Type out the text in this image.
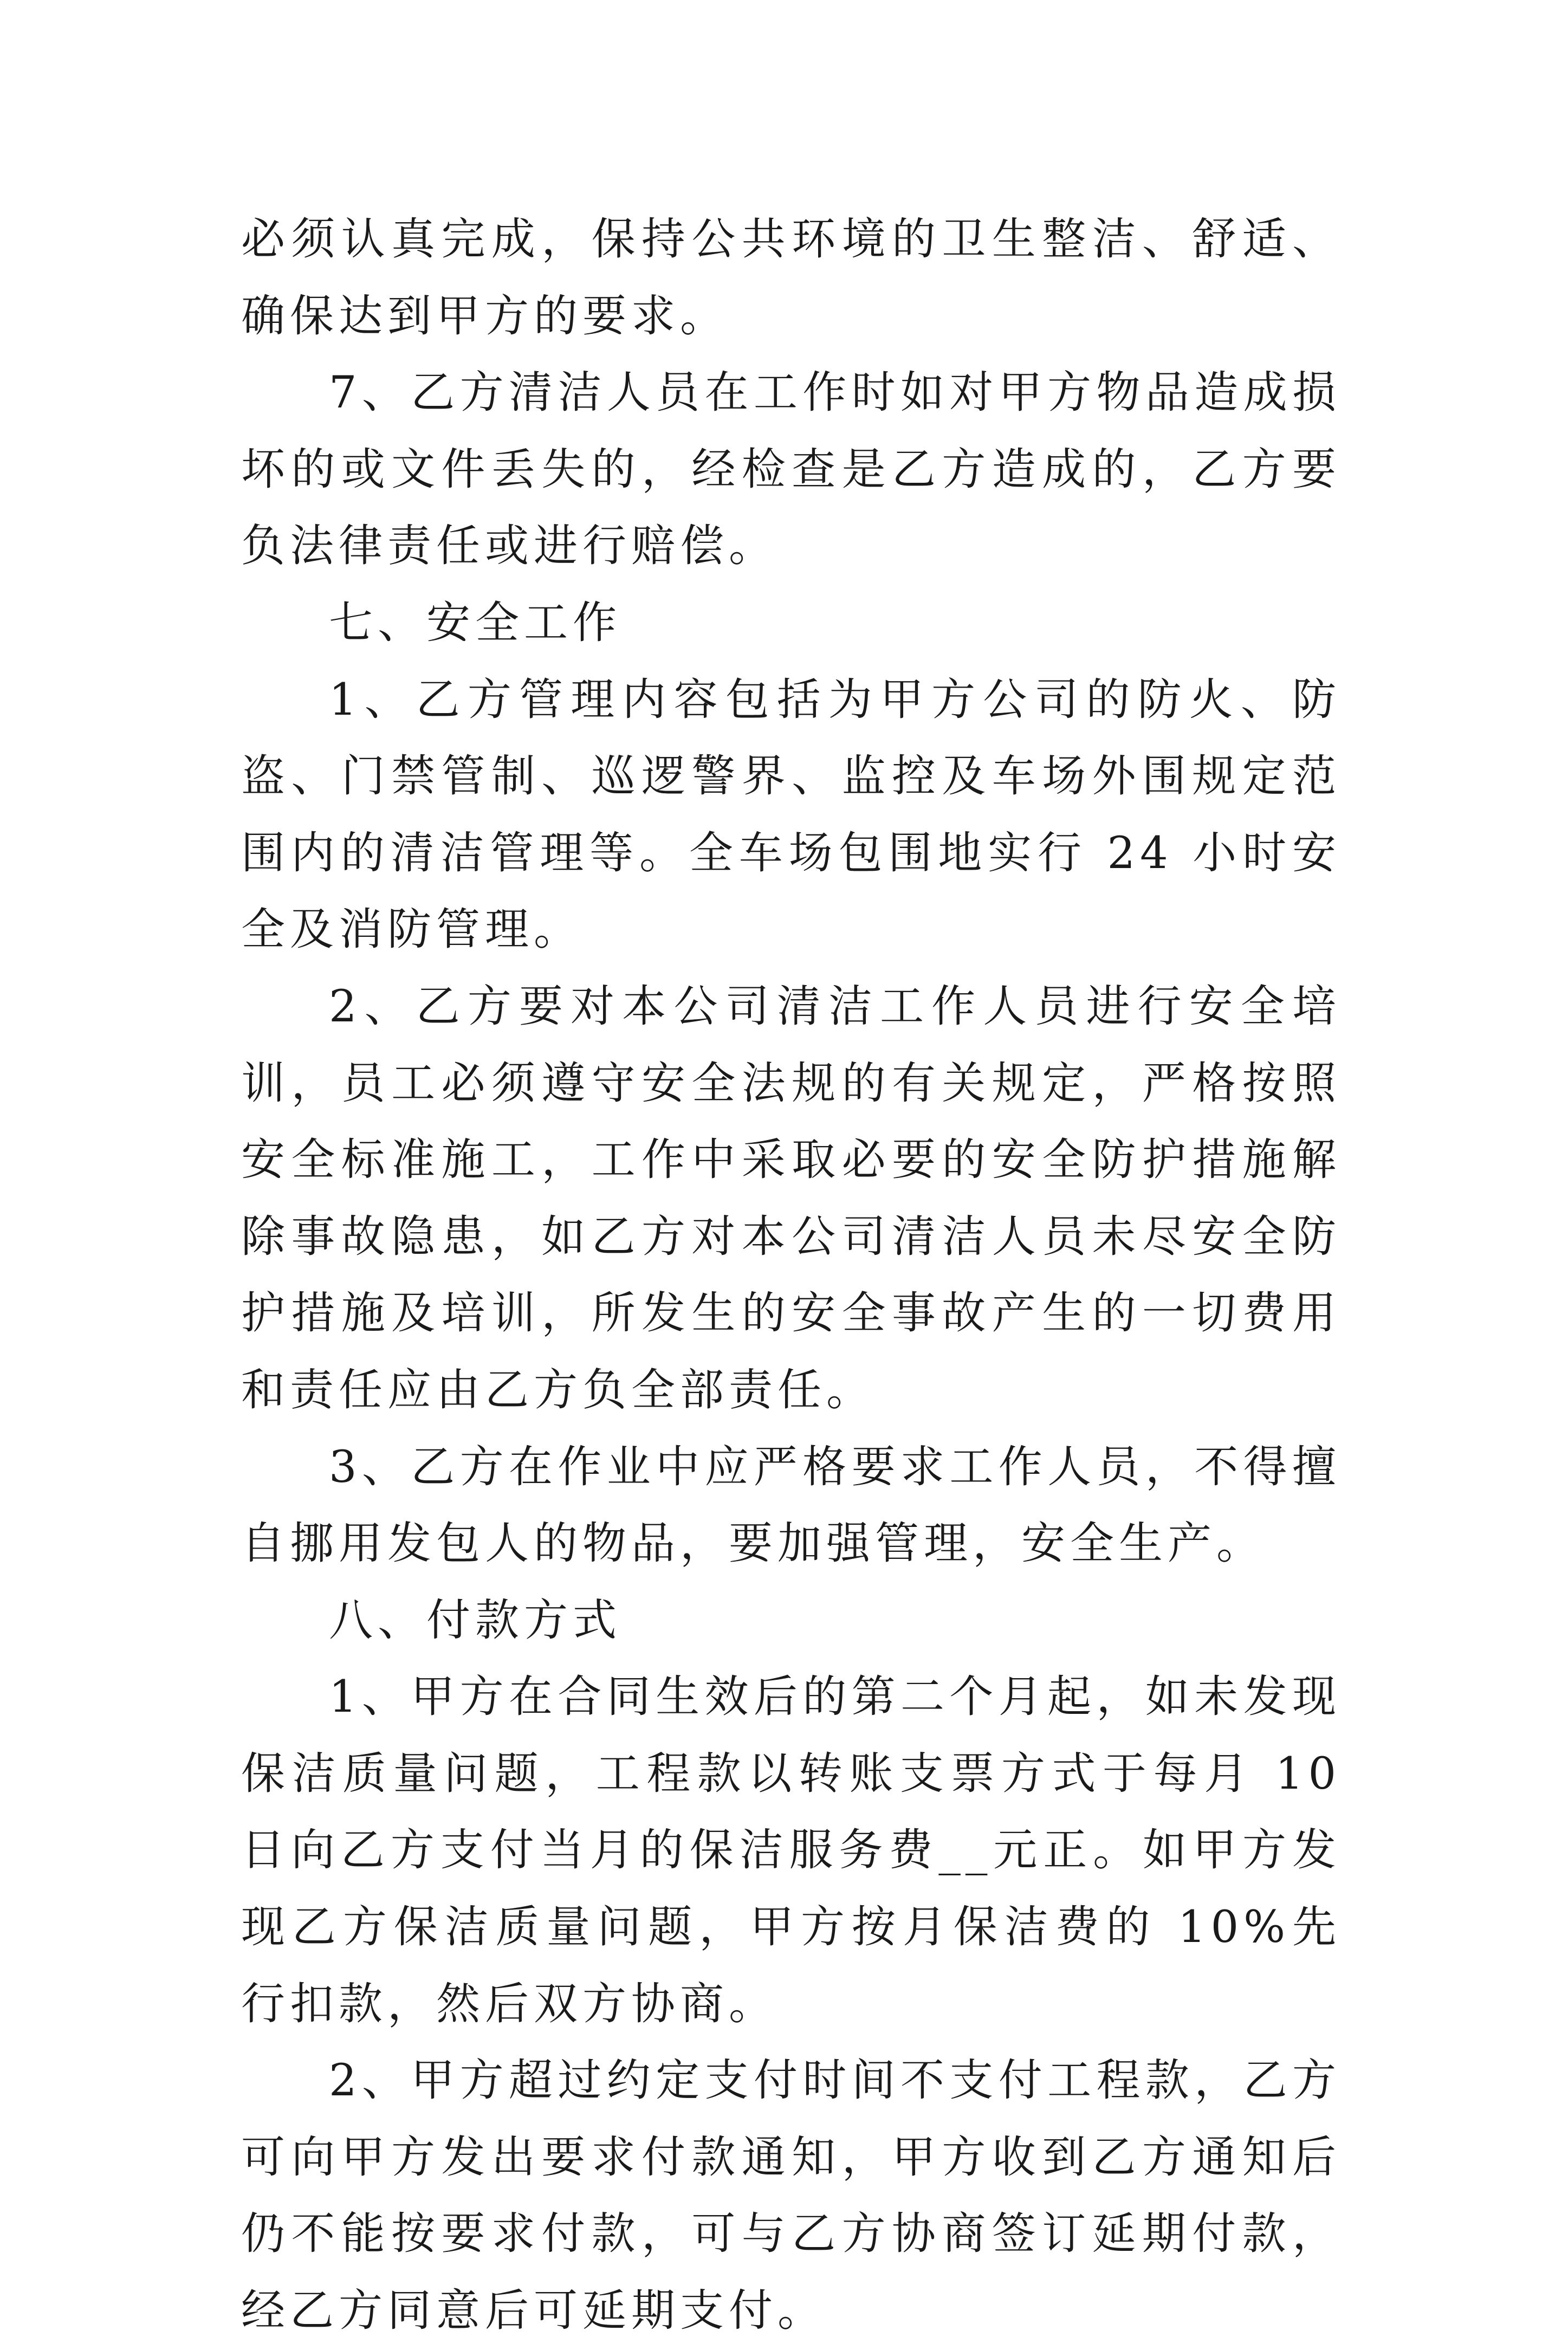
必须认真完成，保持公共环境的卫生整洁、舒适、确保达到甲方的要求。

7、乙方清洁人员在工作时如对甲方物品造成损坏的或文件丢失的，经检查是乙方造成的，乙方要负法律责任或进行赔偿。

七、安全工作

1、乙方管理内容包括为甲方公司的防火、防盗、门禁管制、巡逻警界、监控及车场外围规定范围内的清洁管理等。全车场包围地实行 24 小时安全及消防管理。

2、乙方要对本公司清洁工作人员进行安全培训，员工必须遵守安全法规的有关规定，严格按照安全标准施工，工作中采取必要的安全防护措施解除事故隐患，如乙方对本公司清洁人员未尽安全防护措施及培训，所发生的安全事故产生的一切费用和责任应由乙方负全部责任。

3、乙方在作业中应严格要求工作人员，不得擅自挪用发包人的物品，要加强管理，安全生产。

八、付款方式

1、甲方在合同生效后的第二个月起，如未发现保洁质量问题，工程款以转账支票方式于每月 10 日向乙方支付当月的保洁服务费__元正。如甲方发现乙方保洁质量问题，甲方按月保洁费的 10%先行扣款，然后双方协商。

2、甲方超过约定支付时间不支付工程款，乙方可向甲方发出要求付款通知，甲方收到乙方通知后仍不能按要求付款，可与乙方协商签订延期付款，经乙方同意后可延期支付。
